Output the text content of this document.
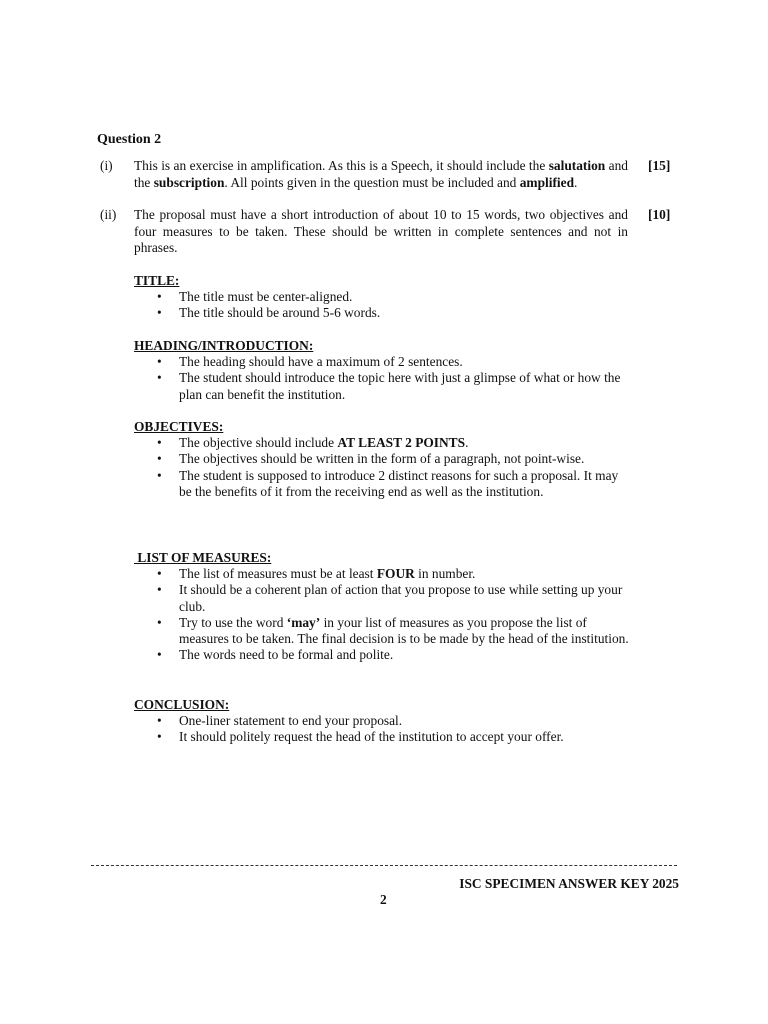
Question 2
(i) This is an exercise in amplification. As this is a Speech, it should include the salutation and the subscription. All points given in the question must be included and amplified.
[15]
(ii) The proposal must have a short introduction of about 10 to 15 words, two objectives and four measures to be taken. These should be written in complete sentences and not in phrases.
[10]
TITLE:
• The title must be center-aligned.
• The title should be around 5-6 words.
HEADING/INTRODUCTION:
• The heading should have a maximum of 2 sentences.
• The student should introduce the topic here with just a glimpse of what or how the plan can benefit the institution.
OBJECTIVES:
• The objective should include AT LEAST 2 POINTS.
• The objectives should be written in the form of a paragraph, not point-wise.
• The student is supposed to introduce 2 distinct reasons for such a proposal. It may be the benefits of it from the receiving end as well as the institution.
LIST OF MEASURES:
• The list of measures must be at least FOUR in number.
• It should be a coherent plan of action that you propose to use while setting up your club.
• Try to use the word ‘may’ in your list of measures as you propose the list of measures to be taken. The final decision is to be made by the head of the institution.
• The words need to be formal and polite.
CONCLUSION:
• One-liner statement to end your proposal.
• It should politely request the head of the institution to accept your offer.
ISC SPECIMEN ANSWER KEY 2025
2
